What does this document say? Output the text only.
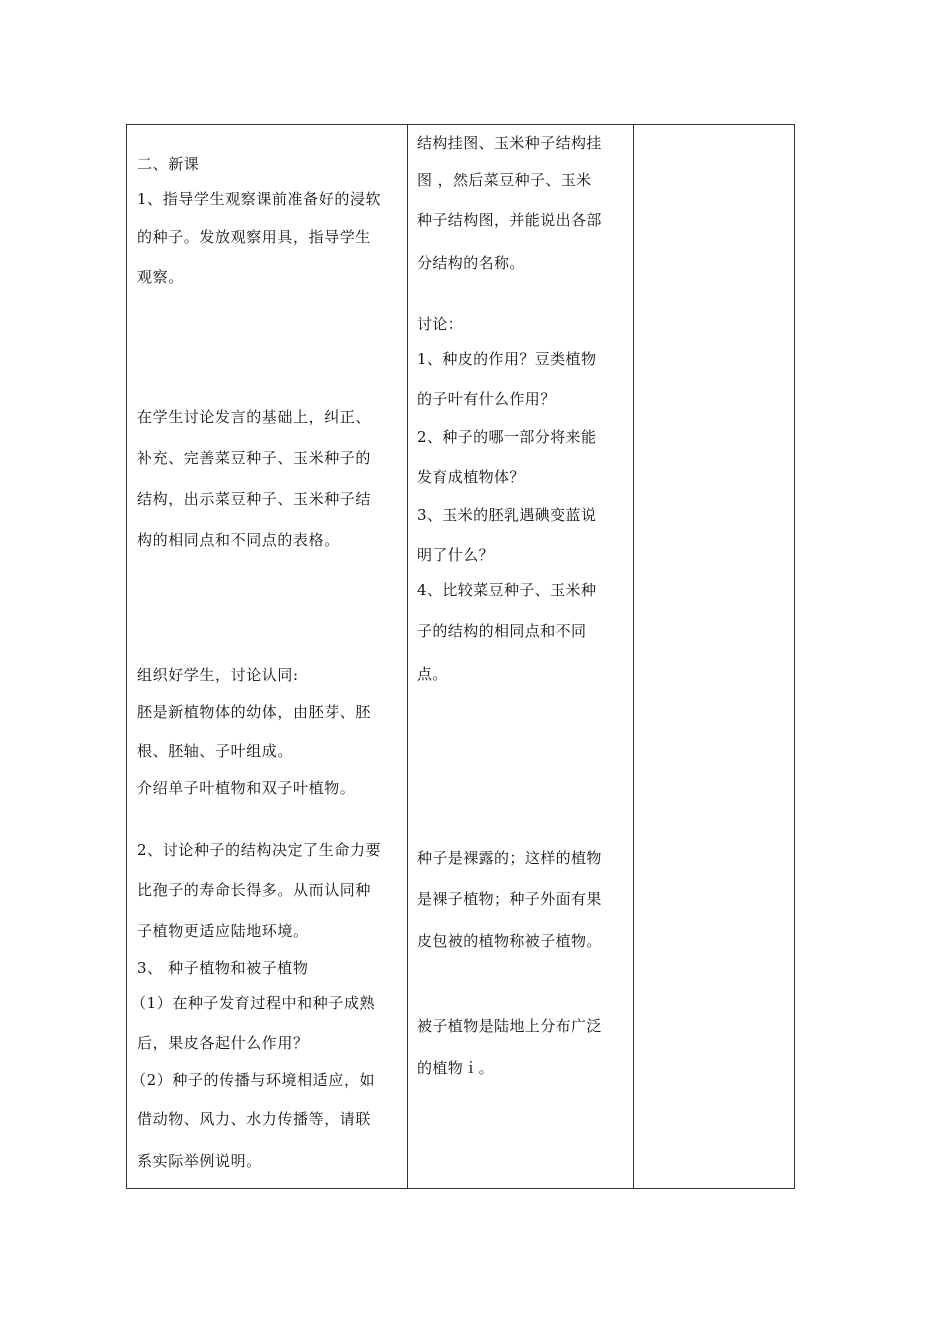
二、新课
1、指导学生观察课前准备好的浸软
的种子。发放观察用具，指导学生
观察。
在学生讨论发言的基础上，纠正、
补充、完善菜豆种子、玉米种子的
结构，出示菜豆种子、玉米种子结
构的相同点和不同点的表格。
组织好学生，讨论认同:
胚是新植物体的幼体，由胚芽、胚
根、胚轴、子叶组成。
介绍单子叶植物和双子叶植物。
2、讨论种子的结构决定了生命力要
比孢子的寿命长得多。从而认同种
子植物更适应陆地环境。
3、 种子植物和被子植物
（1）在种子发育过程中和种子成熟
后，果皮各起什么作用？
（2）种子的传播与环境相适应，如
借动物、风力、水力传播等，请联
系实际举例说明。
结构挂图、玉米种子结构挂
图 ，然后菜豆种子、玉米
种子结构图，并能说出各部
分结构的名称。
讨论：
1、种皮的作用？豆类植物
的子叶有什么作用？
2、种子的哪一部分将来能
发育成植物体？
3、玉米的胚乳遇碘变蓝说
明了什么？
4、比较菜豆种子、玉米种
子的结构的相同点和不同
点。
种子是裸露的；这样的植物
是裸子植物；种子外面有果
皮包被的植物称被子植物。
被子植物是陆地上分布广泛
的植物ｉ。
